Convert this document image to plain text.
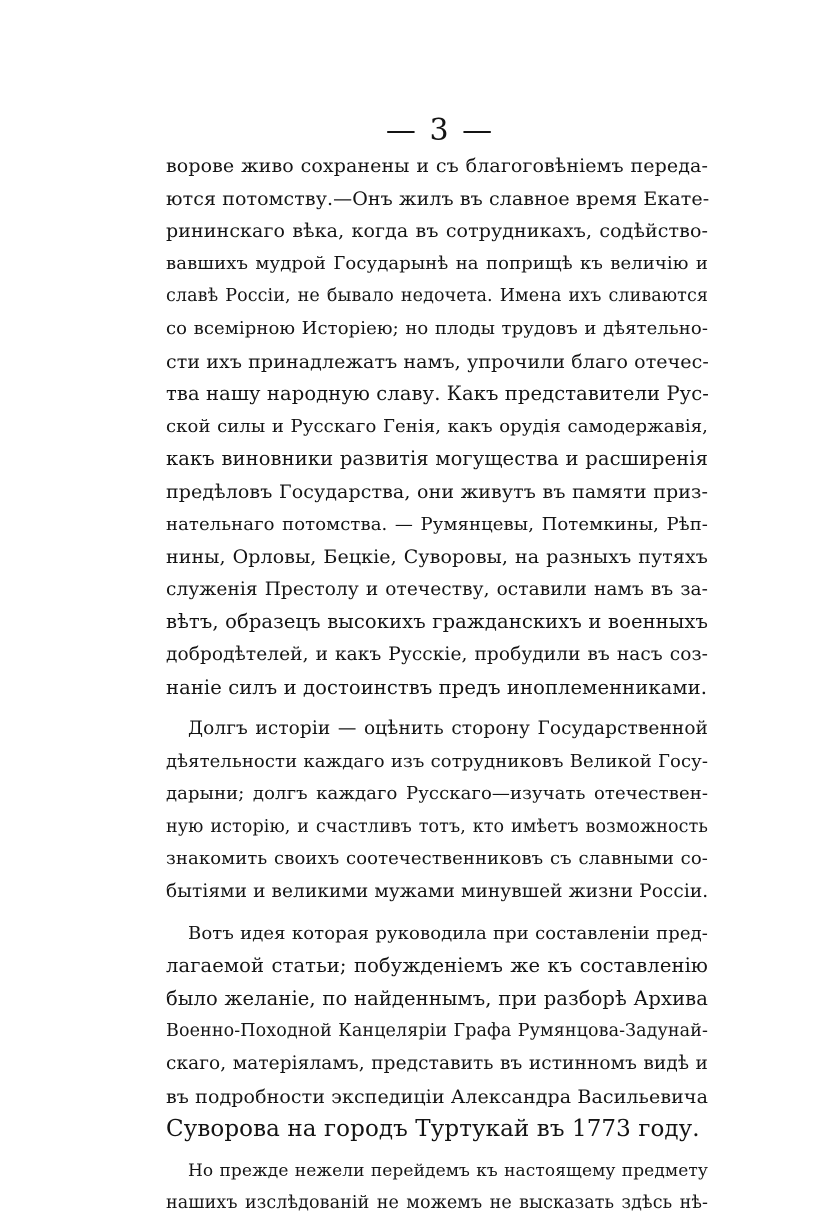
— 3 —
ворове живо сохранены и съ благоговѣніемъ переда-
ются потомству.—Онъ жилъ въ славное время Екате-
рининскаго вѣка, когда въ сотрудникахъ, содѣйство-
вавшихъ мудрой Государынѣ на поприщѣ къ величію и
славѣ Россіи, не бывало недочета. Имена ихъ сливаются
со всемірною Исторіею; но плоды трудовъ и дѣятельно-
сти ихъ принадлежатъ намъ, упрочили благо отечес-
тва нашу народную славу. Какъ представители Рус-
ской силы и Русскаго Генія, какъ орудія самодержавія,
какъ виновники развитія могущества и расширенія
предѣловъ Государства, они живутъ въ памяти приз-
нательнаго потомства. — Румянцевы, Потемкины, Рѣп-
нины, Орловы, Бецкіе, Суворовы, на разныхъ путяхъ
служенія Престолу и отечеству, оставили намъ въ за-
вѣтъ, образецъ высокихъ гражданскихъ и военныхъ
добродѣтелей, и какъ Русскіе, пробудили въ насъ соз-
наніе силъ и достоинствъ предъ иноплеменниками.
Долгъ исторіи — оцѣнить сторону Государственной
дѣятельности каждаго изъ сотрудниковъ Великой Госу-
дарыни; долгъ каждаго Русскаго—изучать отечествен-
ную исторію, и счастливъ тотъ, кто имѣетъ возможность
знакомить своихъ соотечественниковъ съ славными со-
бытіями и великими мужами минувшей жизни Россіи.
Вотъ идея которая руководила при составленіи пред-
лагаемой статьи; побужденіемъ же къ составленію
было желаніе, по найденнымъ, при разборѣ Архива
Военно-Походной Канцеляріи Графа Румянцова-Задунай-
скаго, матеріяламъ, представить въ истинномъ видѣ и
въ подробности экспедиціи Александра Васильевича
Суворова на городъ Туртукай въ 1773 году.
Но прежде нежели перейдемъ къ настоящему предмету
нашихъ изслѣдованій не можемъ не высказать здѣсь нѣ-
